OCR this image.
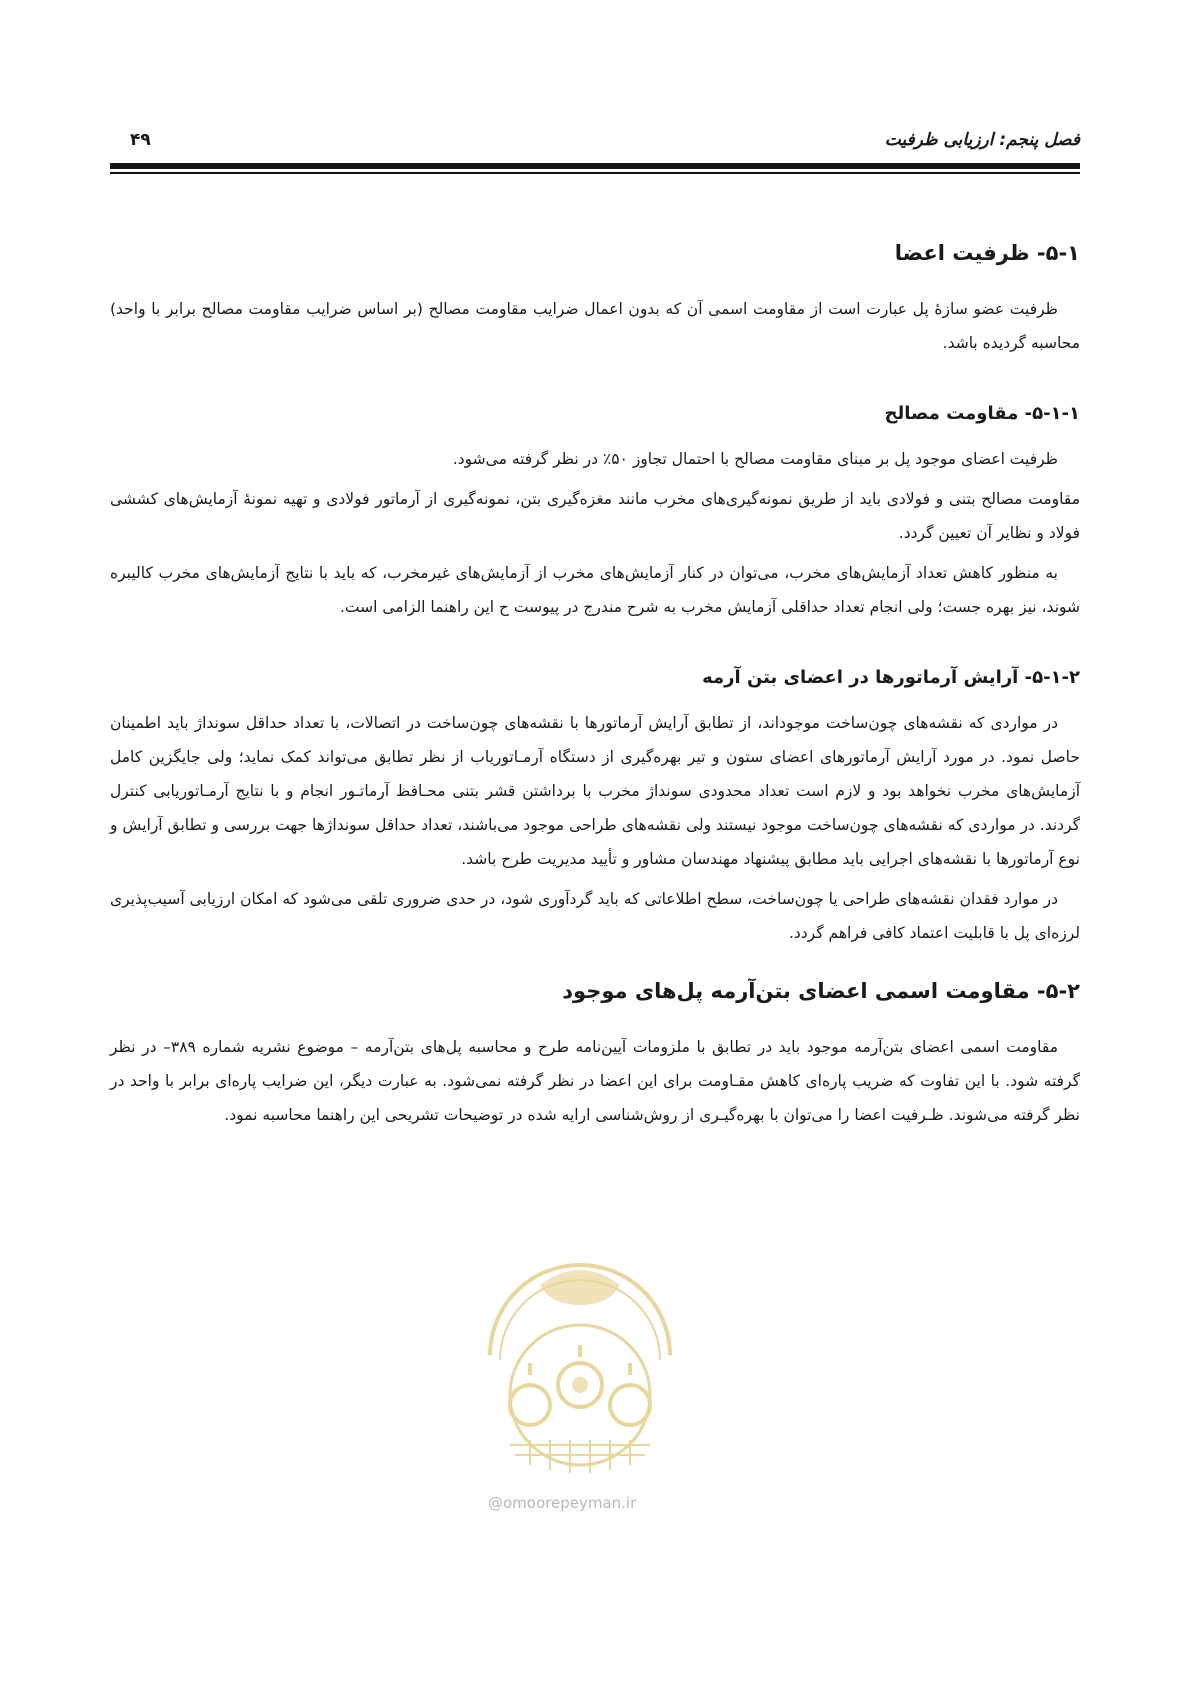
فصل پنجم: ارزیابی ظرفیت
۴۹
۵-۱- ظرفیت اعضا

ظرفیت عضو سازهٔ پل عبارت است از مقاومت اسمی آن که بدون اعمال ضرایب مقاومت مصالح (بر اساس ضرایب مقاومت مصالح برابر با واحد) محاسبه گردیده باشد.

۵-۱-۱- مقاومت مصالح

ظرفیت اعضای موجود پل بر مبنای مقاومت مصالح با احتمال تجاوز ۵۰٪ در نظر گرفته می‌شود.

مقاومت مصالح بتنی و فولادی باید از طریق نمونه‌گیری‌های مخرب مانند مغزه‌گیری بتن، نمونه‌گیری از آرماتور فولادی و تهیه نمونهٔ آزمایش‌های کششی فولاد و نظایر آن تعیین گردد.

به منظور کاهش تعداد آزمایش‌های مخرب، می‌توان در کنار آزمایش‌های مخرب از آزمایش‌های غیرمخرب، که باید با نتایج آزمایش‌های مخرب کالیبره شوند، نیز بهره جست؛ ولی انجام تعداد حداقلی آزمایش مخرب به شرح مندرج در پیوست ح این راهنما الزامی است.

۵-۱-۲- آرایش آرماتورها در اعضای بتن آرمه

در مواردی که نقشه‌های چون‌ساخت موجوداند، از تطابق آرایش آرماتورها با نقشه‌های چون‌ساخت در اتصالات، با تعداد حداقل سونداژ باید اطمینان حاصل نمود. در مورد آرایش آرماتورهای اعضای ستون و تیر بهره‌گیری از دستگاه آرمـاتوریاب از نظر تطابق می‌تواند کمک نماید؛ ولی جایگزین کامل آزمایش‌های مخرب نخواهد بود و لازم است تعداد محدودی سونداژ مخرب با برداشتن قشر بتنی محـافظ آرماتـور انجام و با نتایج آرمـاتوریابی کنترل گردند. در مواردی که نقشه‌های چون‌ساخت موجود نیستند ولی نقشه‌های طراحی موجود می‌باشند، تعداد حداقل سونداژها جهت بررسی و تطابق آرایش و نوع آرماتورها با نقشه‌های اجرایی باید مطابق پیشنهاد مهندسان مشاور و تأیید مدیریت طرح باشد.

در موارد فقدان نقشه‌های طراحی یا چون‌ساخت، سطح اطلاعاتی که باید گردآوری شود، در حدی ضروری تلقی می‌شود که امکان ارزیابی آسیب‌پذیری لرزه‌ای پل با قابلیت اعتماد کافی فراهم گردد.

۵-۲- مقاومت اسمی اعضای بتن‌آرمه پل‌های موجود

مقاومت اسمی اعضای بتن‌آرمه موجود باید در تطابق با ملزومات آیین‌نامه طرح و محاسبه پل‌های بتن‌آرمه – موضوع نشریه شماره ۳۸۹– در نظر گرفته شود. با این تفاوت که ضریب پاره‌ای کاهش مقـاومت برای این اعضا در نظر گرفته نمی‌شود. به عبارت دیگر، این ضرایب پاره‌ای برابر با واحد در نظر گرفته می‌شوند. ظـرفیت اعضا را می‌توان با بهره‌گیـری از روش‌شناسی ارایه شده در توضیحات تشریحی این راهنما محاسبه نمود.

@omoorepeyman.ir
